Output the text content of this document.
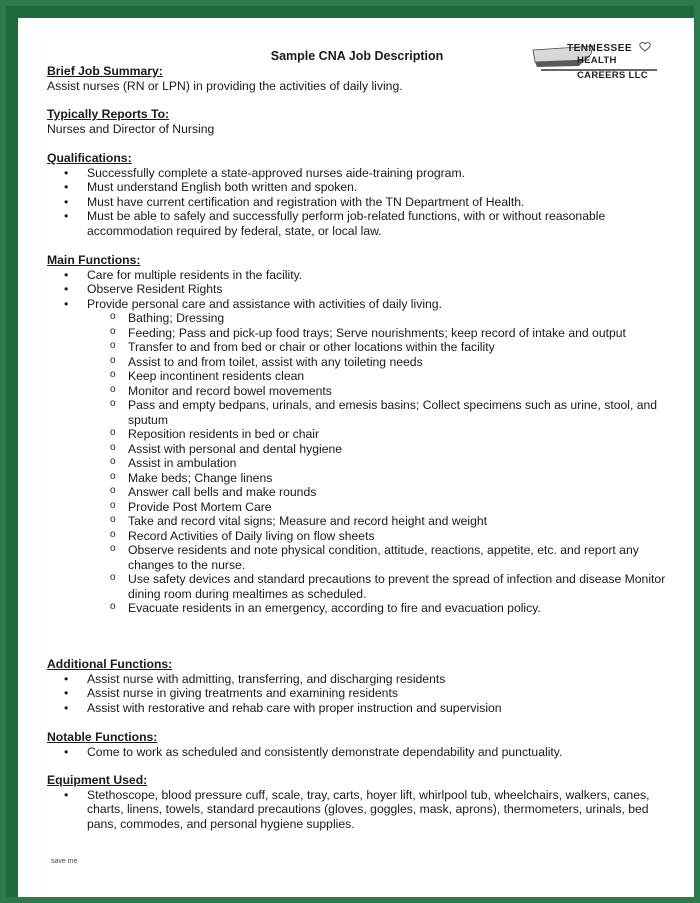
Sample CNA Job Description
TENNESSEE
HEALTH CAREERS LLC
Brief Job Summary:
Assist nurses (RN or LPN) in providing the activities of daily living.
Typically Reports To:
Nurses and Director of Nursing
Qualifications:
• Successfully complete a state-approved nurses aide-training program.
• Must understand English both written and spoken.
• Must have current certification and registration with the TN Department of Health.
• Must be able to safely and successfully perform job-related functions, with or without reasonable accommodation required by federal, state, or local law.
Main Functions:
• Care for multiple residents in the facility.
• Observe Resident Rights
• Provide personal care and assistance with activities of daily living.
o Bathing; Dressing
o Feeding; Pass and pick-up food trays; Serve nourishments; keep record of intake and output
o Transfer to and from bed or chair or other locations within the facility
o Assist to and from toilet, assist with any toileting needs
o Keep incontinent residents clean
o Monitor and record bowel movements
o Pass and empty bedpans, urinals, and emesis basins; Collect specimens such as urine, stool, and sputum
o Reposition residents in bed or chair
o Assist with personal and dental hygiene
o Assist in ambulation
o Make beds; Change linens
o Answer call bells and make rounds
o Provide Post Mortem Care
o Take and record vital signs; Measure and record height and weight
o Record Activities of Daily living on flow sheets
o Observe residents and note physical condition, attitude, reactions, appetite, etc. and report any changes to the nurse.
o Use safety devices and standard precautions to prevent the spread of infection and disease Monitor dining room during mealtimes as scheduled.
o Evacuate residents in an emergency, according to fire and evacuation policy.
Additional Functions:
• Assist nurse with admitting, transferring, and discharging residents
• Assist nurse in giving treatments and examining residents
• Assist with restorative and rehab care with proper instruction and supervision
Notable Functions:
• Come to work as scheduled and consistently demonstrate dependability and punctuality.
Equipment Used:
• Stethoscope, blood pressure cuff, scale, tray, carts, hoyer lift, whirlpool tub, wheelchairs, walkers, canes, charts, linens, towels, standard precautions (gloves, goggles, mask, aprons), thermometers, urinals, bed pans, commodes, and personal hygiene supplies.
save me
